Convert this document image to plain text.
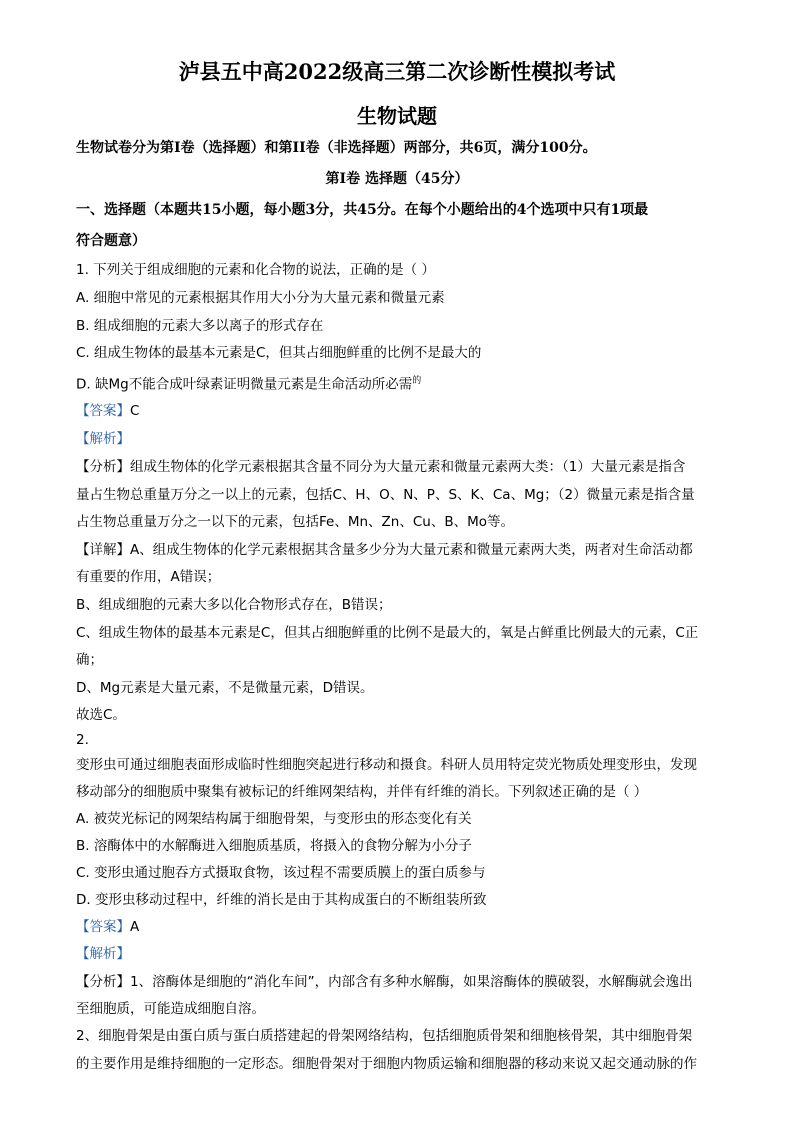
泸县五中高2022级高三第二次诊断性模拟考试
生物试题
生物试卷分为第I卷（选择题）和第II卷（非选择题）两部分，共6页，满分100分。
第I卷 选择题（45分）
一、选择题（本题共15小题，每小题3分，共45分。在每个小题给出的4个选项中只有1项最
符合题意）
1. 下列关于组成细胞的元素和化合物的说法，正确的是（ ）
A. 细胞中常见的元素根据其作用大小分为大量元素和微量元素
B. 组成细胞的元素大多以离子的形式存在
C. 组成生物体的最基本元素是C，但其占细胞鲜重的比例不是最大的
D. 缺Mg不能合成叶绿素证明微量元素是生命活动所必需$^的$
【答案】C
【解析】
【分析】组成生物体的化学元素根据其含量不同分为大量元素和微量元素两大类：（1）大量元素是指含
量占生物总重量万分之一以上的元素，包括C、H、O、N、P、S、K、Ca、Mg；（2）微量元素是指含量
占生物总重量万分之一以下的元素，包括Fe、Mn、Zn、Cu、B、Mo等。
【详解】A、组成生物体的化学元素根据其含量多少分为大量元素和微量元素两大类，两者对生命活动都
有重要的作用，A错误；
B、组成细胞的元素大多以化合物形式存在，B错误；
C、组成生物体的最基本元素是C，但其占细胞鲜重的比例不是最大的，氧是占鲜重比例最大的元素，C正
确；
D、Mg元素是大量元素，不是微量元素，D错误。
故选C。
2.
变形虫可通过细胞表面形成临时性细胞突起进行移动和摄食。科研人员用特定荧光物质处理变形虫，发现
移动部分的细胞质中聚集有被标记的纤维网架结构，并伴有纤维的消长。下列叙述正确的是（ ）
A. 被荧光标记的网架结构属于细胞骨架，与变形虫的形态变化有关
B. 溶酶体中的水解酶进入细胞质基质，将摄入的食物分解为小分子
C. 变形虫通过胞吞方式摄取食物，该过程不需要质膜上的蛋白质参与
D. 变形虫移动过程中，纤维的消长是由于其构成蛋白的不断组装所致
【答案】A
【解析】
【分析】1、溶酶体是细胞的“消化车间”，内部含有多种水解酶，如果溶酶体的膜破裂，水解酶就会逸出
至细胞质，可能造成细胞自溶。
2、细胞骨架是由蛋白质与蛋白质搭建起的骨架网络结构，包括细胞质骨架和细胞核骨架，其中细胞骨架
的主要作用是维持细胞的一定形态。细胞骨架对于细胞内物质运输和细胞器的移动来说又起交通动脉的作
